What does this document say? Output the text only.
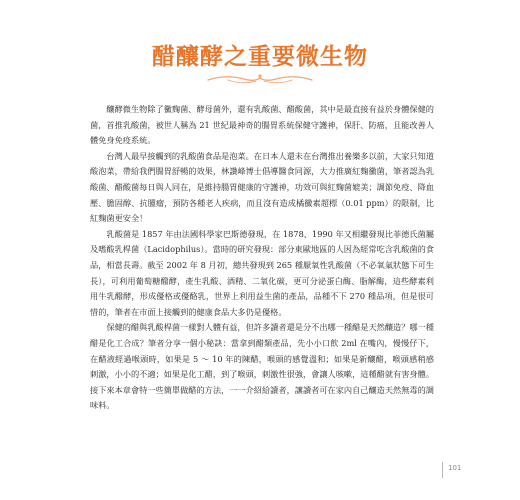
醋釀酵之重要微生物

釀酵微生物除了黴麴菌、酵母菌外，還有乳酸菌、醋酸菌，其中是最直接有益於身體保健的菌，首推乳酸菌，被世人稱為 21 世紀最神奇的腸胃系統保健守護神，保肝、防癌，且能改善人體免身免疫系統。

台灣人最早接觸到的乳酸菌食品是泡菜。在日本人還未在台灣推出養樂多以前，大家只知道酸泡菜，帶給我們腸胃舒暢的效果，林讚峰博士倡導醫食同源，大力推廣紅麴黴菌，筆者認為乳酸菌、醋酸菌每日與人同在，是維持腸胃健康的守護神，功效可與紅麴菌媲美；調節免疫、降血壓、膽固醇、抗腫瘤，預防各種老人疾病，而且沒有造成橘黴素超標（0.01 ppm）的限制，比紅麴菌更安全！

乳酸菌是 1857 年由法國科學家巴斯德發現，在 1878、1990 年又相繼發現比菲德氏菌屬及嗜酸乳桿菌（Lacidophilus）。當時的研究發現：部分東歐地區的人因為經常吃含乳酸菌的食品，相當長壽。截至 2002 年 8 月初，總共發現到 265 種厭氧性乳酸菌（不必氧氣狀態下可生長），可利用葡萄糖醱酵，產生乳酸、酒精、二氧化碳，更可分泌蛋白酶、脂解酶，這些酵素利用牛乳醱酵，形成優格或優酪乳，世界上利用益生菌的產品，品種不下 270 種品項，但是很可惜的，筆者在市面上接觸到的健康食品大多仍是優格。

保健的醋與乳酸桿菌一樣對人體有益，但許多讀者還是分不出哪一種醋是天然釀造？哪一種醋是化工合成？筆者分享一個小秘訣：當拿到醋類產品，先小小口飲 2ml 在嘴內，慢慢仔下，在醋液經過喉頭時，如果是 5 ～ 10 年的陳醋，喉頭的感覺溫和；如果是新釀醋，喉頭感稍感刺激，小小的不適；如果是化工醋，到了喉頭，刺激性很強，會讓人咳嗽，這種醋就有害身體。接下來本章會特一些簡單做醋的方法，一一介紹給讀者，讓讀者可在家內自己釀造天然無毒的調味料。

101
